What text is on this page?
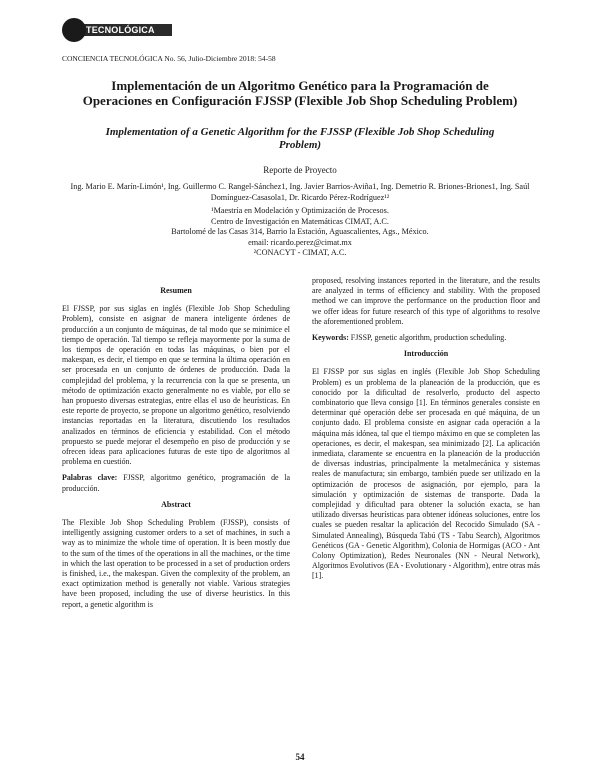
TECNOLÓGICA
CONCIENCIA TECNOLÓGICA No. 56, Julio-Diciembre 2018: 54-58
Implementación de un Algoritmo Genético para la Programación de Operaciones en Configuración FJSSP (Flexible Job Shop Scheduling Problem)
Implementation of a Genetic Algorithm for the FJSSP (Flexible Job Shop Scheduling Problem)
Reporte de Proyecto
Ing. Mario E. Marín-Limón¹, Ing. Guillermo C. Rangel-Sánchez1, Ing. Javier Barrios-Aviña1, Ing. Demetrio R. Briones-Briones1, Ing. Saúl Domínguez-Casasola1, Dr. Ricardo Pérez-Rodríguez¹²
¹Maestría en Modelación y Optimización de Procesos.
Centro de Investigación en Matemáticas CIMAT, A.C.
Bartolomé de las Casas 314, Barrio la Estación, Aguascalientes, Ags., México.
email: ricardo.perez@cimat.mx
²CONACYT - CIMAT, A.C.
Resumen

El FJSSP, por sus siglas en inglés (Flexible Job Shop Scheduling Problem), consiste en asignar de manera inteligente órdenes de producción a un conjunto de máquinas, de tal modo que se minimice el tiempo de operación. Tal tiempo se refleja mayormente por la suma de los tiempos de operación en todas las máquinas, o bien por el makespan, es decir, el tiempo en que se termina la última operación en ser procesada en un conjunto de órdenes de producción. Dada la complejidad del problema, y la recurrencia con la que se presenta, un método de optimización exacto generalmente no es viable, por ello se han propuesto diversas estrategias, entre ellas el uso de heurísticas. En este reporte de proyecto, se propone un algoritmo genético, resolviendo instancias reportadas en la literatura, discutiendo los resultados analizados en términos de eficiencia y estabilidad. Con el método propuesto se puede mejorar el desempeño en piso de producción y se ofrecen ideas para aplicaciones futuras de este tipo de algoritmos al problema en cuestión.

Palabras clave: FJSSP, algoritmo genético, programación de la producción.

Abstract

The Flexible Job Shop Scheduling Problem (FJSSP), consists of intelligently assigning customer orders to a set of machines, in such a way as to minimize the whole time of operation. It is been mostly due to the sum of the times of the operations in all the machines, or the time in which the last operation to be processed in a set of production orders is finished, i.e., the makespan. Given the complexity of the problem, an exact optimization method is generally not viable. Various strategies have been proposed, including the use of diverse heuristics. In this report, a genetic algorithm is

proposed, resolving instances reported in the literature, and the results are analyzed in terms of efficiency and stability. With the proposed method we can improve the performance on the production floor and we offer ideas for future research of this type of algorithms to resolve the aforementioned problem.

Keywords: FJSSP, genetic algorithm, production scheduling.

Introducción

El FJSSP por sus siglas en inglés (Flexible Job Shop Scheduling Problem) es un problema de la planeación de la producción, que es conocido por la dificultad de resolverlo, producto del aspecto combinatorio que lleva consigo [1]. En términos generales consiste en determinar qué operación debe ser procesada en qué máquina, de un conjunto dado. El problema consiste en asignar cada operación a la máquina más idónea, tal que el tiempo máximo en que se completen las operaciones, es decir, el makespan, sea minimizado [2]. La aplicación inmediata, claramente se encuentra en la planeación de la producción de diversas industrias, principalmente la metalmecánica y sistemas reales de manufactura; sin embargo, también puede ser utilizado en la optimización de procesos de asignación, por ejemplo, para la simulación y optimización de sistemas de transporte. Dada la complejidad y dificultad para obtener la solución exacta, se han utilizado diversas heurísticas para obtener idóneas soluciones, entre los cuales se pueden resaltar la aplicación del Recocido Simulado (SA - Simulated Annealing), Búsqueda Tabú (TS - Tabu Search), Algoritmos Genéticos (GA - Genetic Algorithm), Colonia de Hormigas (ACO - Ant Colony Optimization), Redes Neuronales (NN - Neural Network), Algoritmos Evolutivos (EA - Evolutionary - Algorithm), entre otras más [1].

54
